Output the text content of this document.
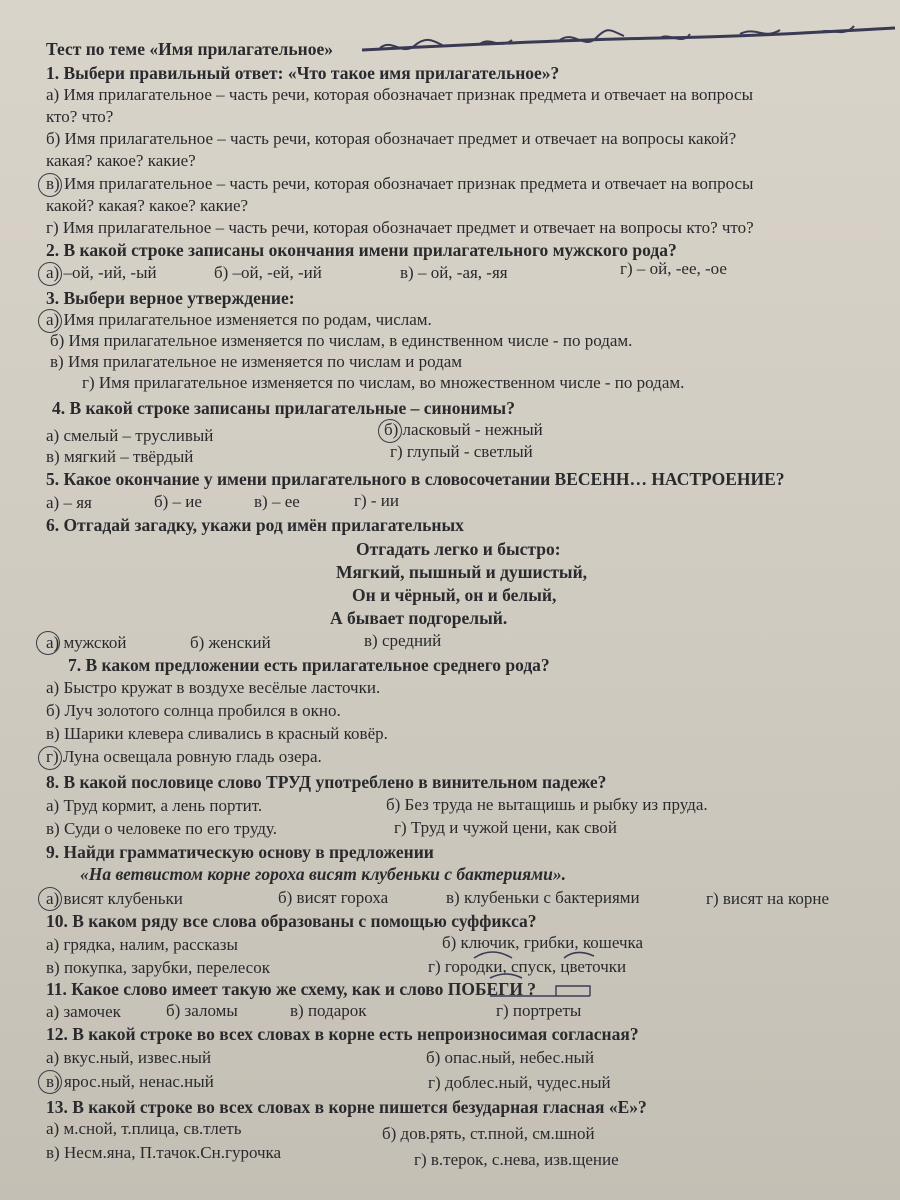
Тест по теме «Имя прилагательное»
1. Выбери правильный ответ: «Что такое имя прилагательное»?
а) Имя прилагательное – часть речи, которая обозначает признак предмета и отвечает на вопросы
кто? что?
б) Имя прилагательное – часть речи, которая обозначает предмет и отвечает на вопросы какой?
какая? какое? какие?
в) Имя прилагательное – часть речи, которая обозначает признак предмета и отвечает на вопросы
какой? какая? какое? какие?
г) Имя прилагательное – часть речи, которая обозначает предмет и отвечает на вопросы кто? что?
2. В какой строке записаны окончания имени прилагательного мужского рода?
а) –ой, -ий, -ый	б) –ой, -ей, -ий	в) – ой, -ая, -яя	г) – ой, -ее, -ое
3. Выбери верное утверждение:
а) Имя прилагательное изменяется по родам, числам.
б) Имя прилагательное изменяется по числам, в единственном числе - по родам.
в) Имя прилагательное не изменяется по числам и родам
г) Имя прилагательное изменяется по числам, во множественном числе - по родам.
4. В какой строке записаны прилагательные – синонимы?
а) смелый – трусливый	б) ласковый - нежный
в) мягкий – твёрдый	г) глупый - светлый
5. Какое окончание у имени прилагательного в словосочетании ВЕСЕНН… НАСТРОЕНИЕ?
а) – яя	б) – ие	в) – ее	г) - ии
6. Отгадай загадку, укажи род имён прилагательных
Отгадать легко и быстро:
Мягкий, пышный и душистый,
Он и чёрный, он и белый,
А бывает подгорелый.
а) мужской	б) женский	в) средний
7. В каком предложении есть прилагательное среднего рода?
а) Быстро кружат в воздухе весёлые ласточки.
б) Луч золотого солнца пробился в окно.
в) Шарики клевера сливались в красный ковёр.
г) Луна освещала ровную гладь озера.
8. В какой пословице слово ТРУД употреблено в винительном падеже?
а) Труд кормит, а лень портит.	б) Без труда не вытащишь и рыбку из пруда.
в) Суди о человеке по его труду.	г) Труд и чужой цени, как свой
9. Найди грамматическую основу в предложении
«На ветвистом корне гороха висят клубеньки с бактериями».
а) висят клубеньки	б) висят гороха	в) клубеньки с бактериями	г) висят на корне
10. В каком ряду все слова образованы с помощью суффикса?
а) грядка, налим, рассказы	б) ключик, грибки, кошечка
в) покупка, зарубки, перелесок	г) городки, спуск, цветочки
11. Какое слово имеет такую же схему, как и слово ПОБЕГИ ?
а) замочек	б) заломы	в) подарок	г) портреты
12. В какой строке во всех словах в корне есть непроизносимая согласная?
а) вкус.ный, извес.ный	б) опас.ный, небес.ный
в) ярос.ный, ненас.ный	г) доблес.ный, чудес.ный
13. В какой строке во всех словах в корне пишется безударная гласная «Е»?
а) м.сной, т.плица, св.тлеть	б) дов.рять, ст.пной, см.шной
в) Несм.яна, П.тачок.Сн.гурочка	г) в.терок, с.нева, изв.щение
